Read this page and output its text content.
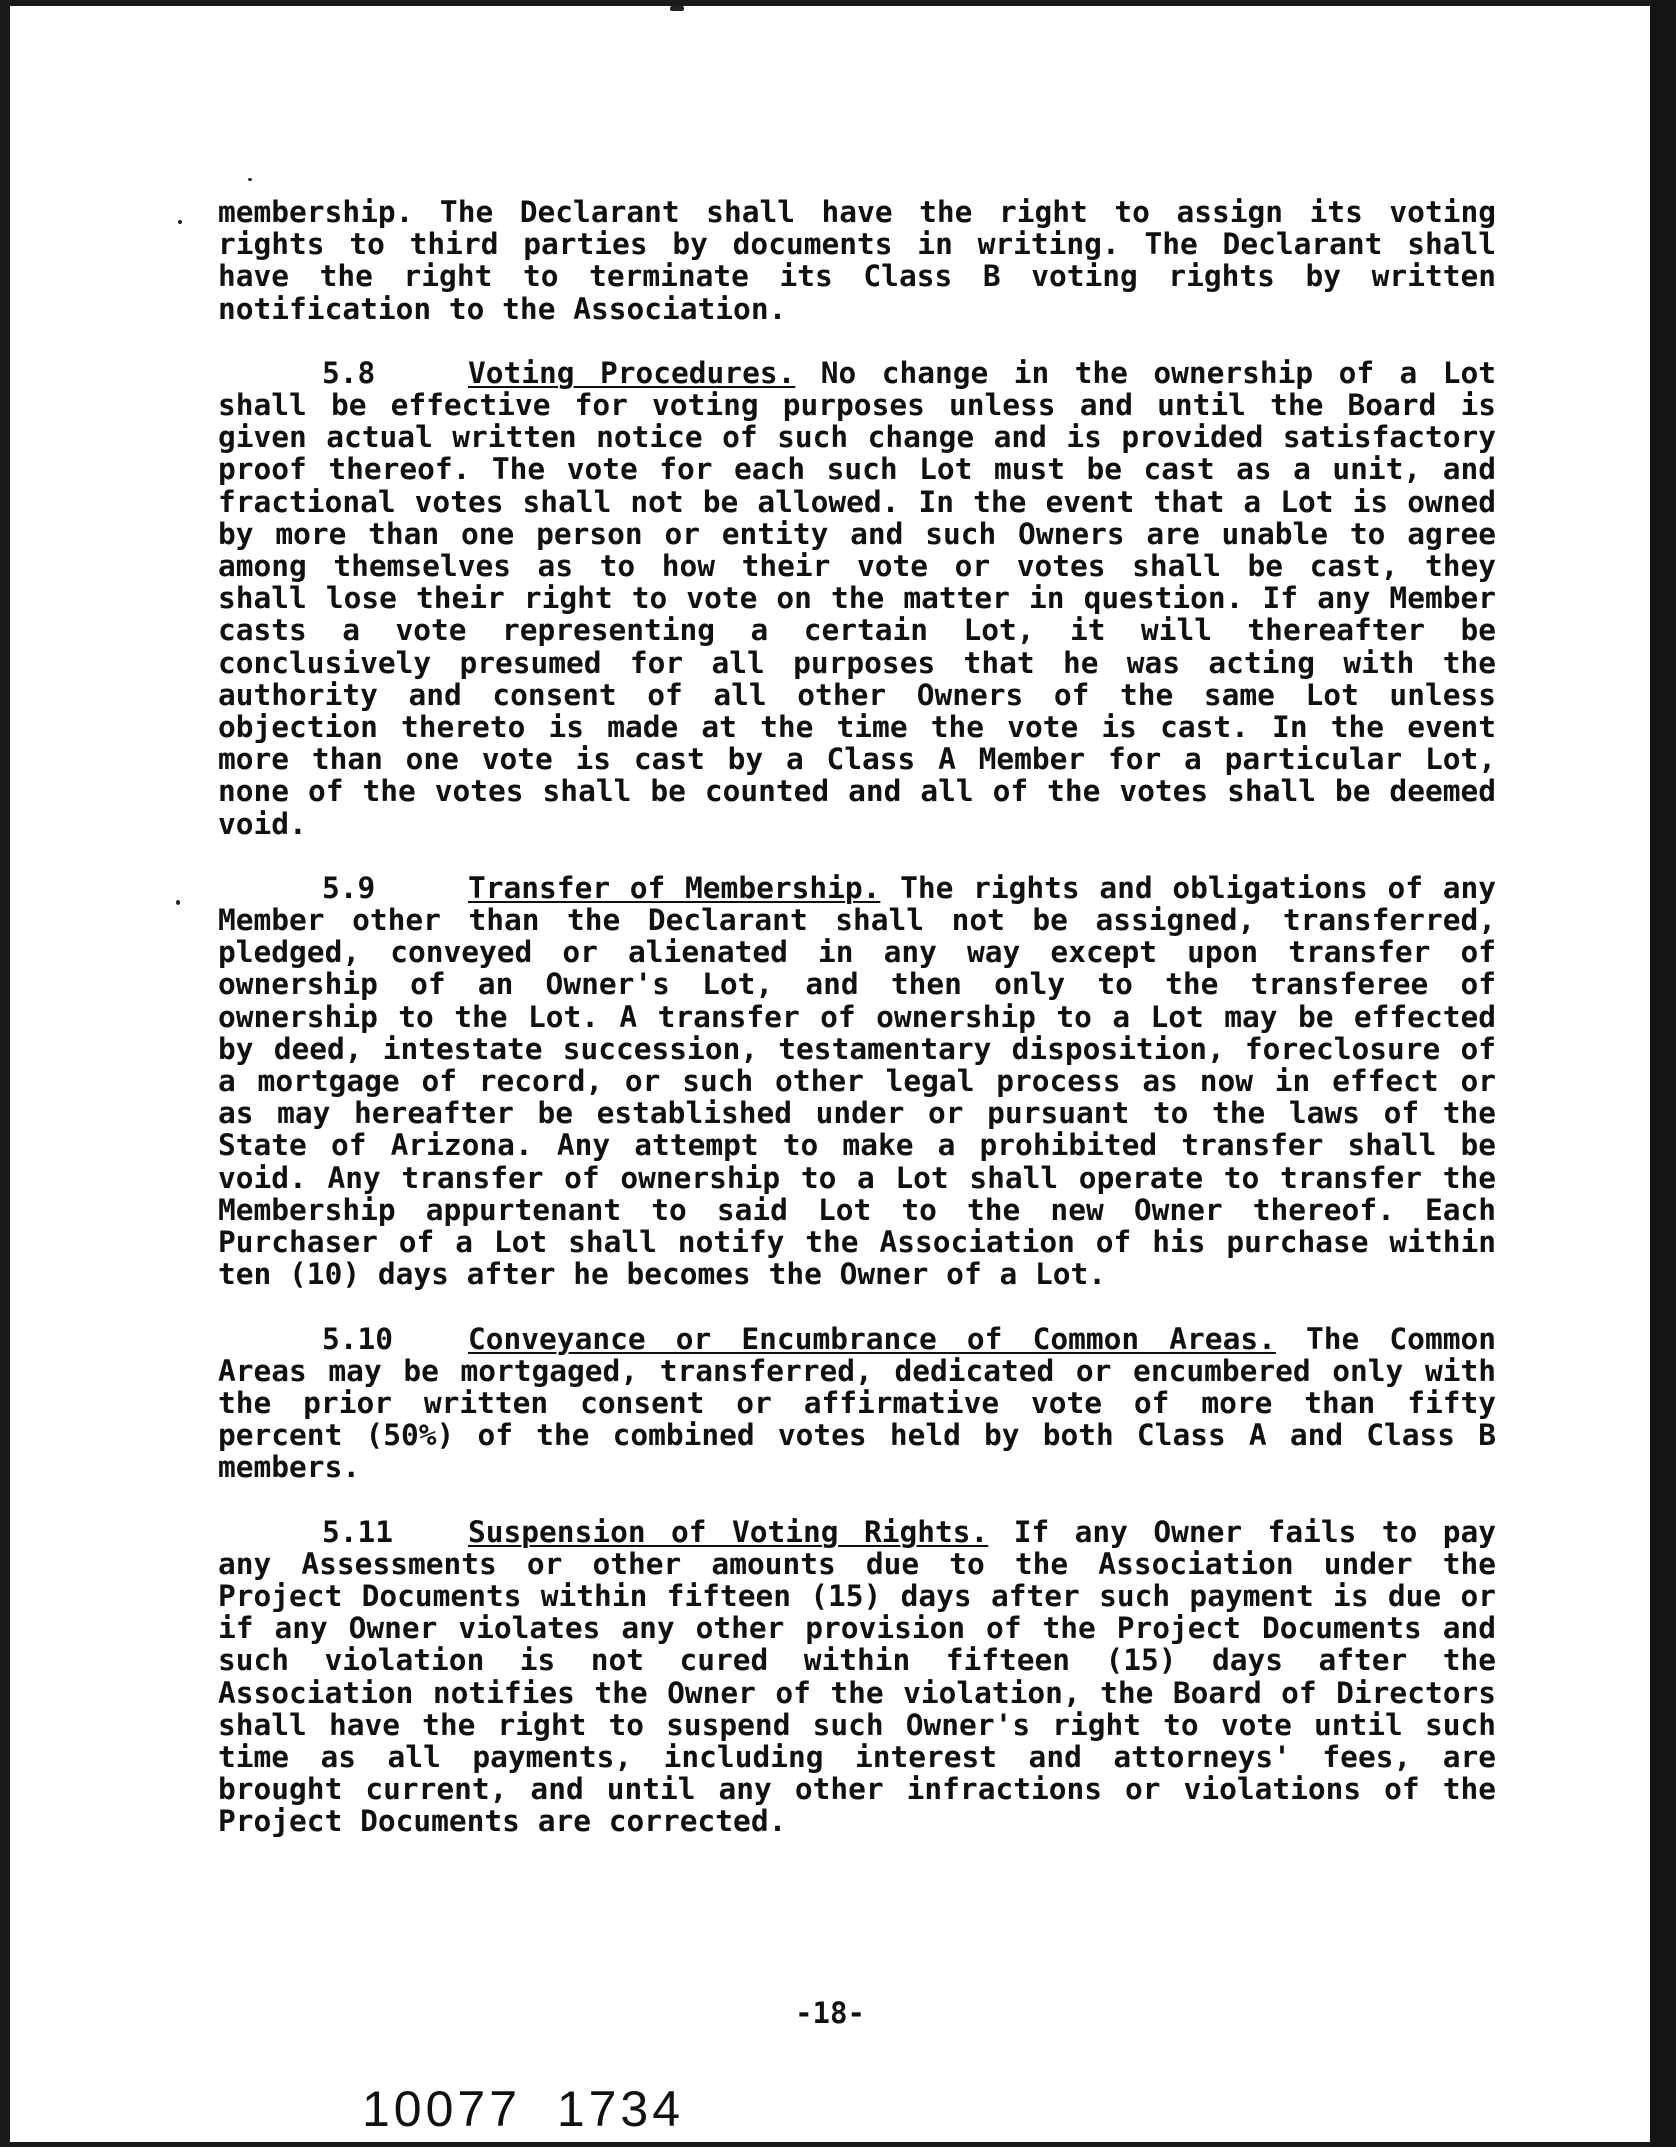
membership. The Declarant shall have the right to assign its voting rights to third parties by documents in writing. The Declarant shall have the right to terminate its Class B voting rights by written notification to the Association.

5.8	Voting Procedures. No change in the ownership of a Lot shall be effective for voting purposes unless and until the Board is given actual written notice of such change and is provided satisfactory proof thereof. The vote for each such Lot must be cast as a unit, and fractional votes shall not be allowed. In the event that a Lot is owned by more than one person or entity and such Owners are unable to agree among themselves as to how their vote or votes shall be cast, they shall lose their right to vote on the matter in question. If any Member casts a vote representing a certain Lot, it will thereafter be conclusively presumed for all purposes that he was acting with the authority and consent of all other Owners of the same Lot unless objection thereto is made at the time the vote is cast. In the event more than one vote is cast by a Class A Member for a particular Lot, none of the votes shall be counted and all of the votes shall be deemed void.

5.9	Transfer of Membership. The rights and obligations of any Member other than the Declarant shall not be assigned, transferred, pledged, conveyed or alienated in any way except upon transfer of ownership of an Owner's Lot, and then only to the transferee of ownership to the Lot. A transfer of ownership to a Lot may be effected by deed, intestate succession, testamentary disposition, foreclosure of a mortgage of record, or such other legal process as now in effect or as may hereafter be established under or pursuant to the laws of the State of Arizona. Any attempt to make a prohibited transfer shall be void. Any transfer of ownership to a Lot shall operate to transfer the Membership appurtenant to said Lot to the new Owner thereof. Each Purchaser of a Lot shall notify the Association of his purchase within ten (10) days after he becomes the Owner of a Lot.

5.10	Conveyance or Encumbrance of Common Areas. The Common Areas may be mortgaged, transferred, dedicated or encumbered only with the prior written consent or affirmative vote of more than fifty percent (50%) of the combined votes held by both Class A and Class B members.

5.11	Suspension of Voting Rights. If any Owner fails to pay any Assessments or other amounts due to the Association under the Project Documents within fifteen (15) days after such payment is due or if any Owner violates any other provision of the Project Documents and such violation is not cured within fifteen (15) days after the Association notifies the Owner of the violation, the Board of Directors shall have the right to suspend such Owner's right to vote until such time as all payments, including interest and attorneys' fees, are brought current, and until any other infractions or violations of the Project Documents are corrected.

-18-
10077  1734
